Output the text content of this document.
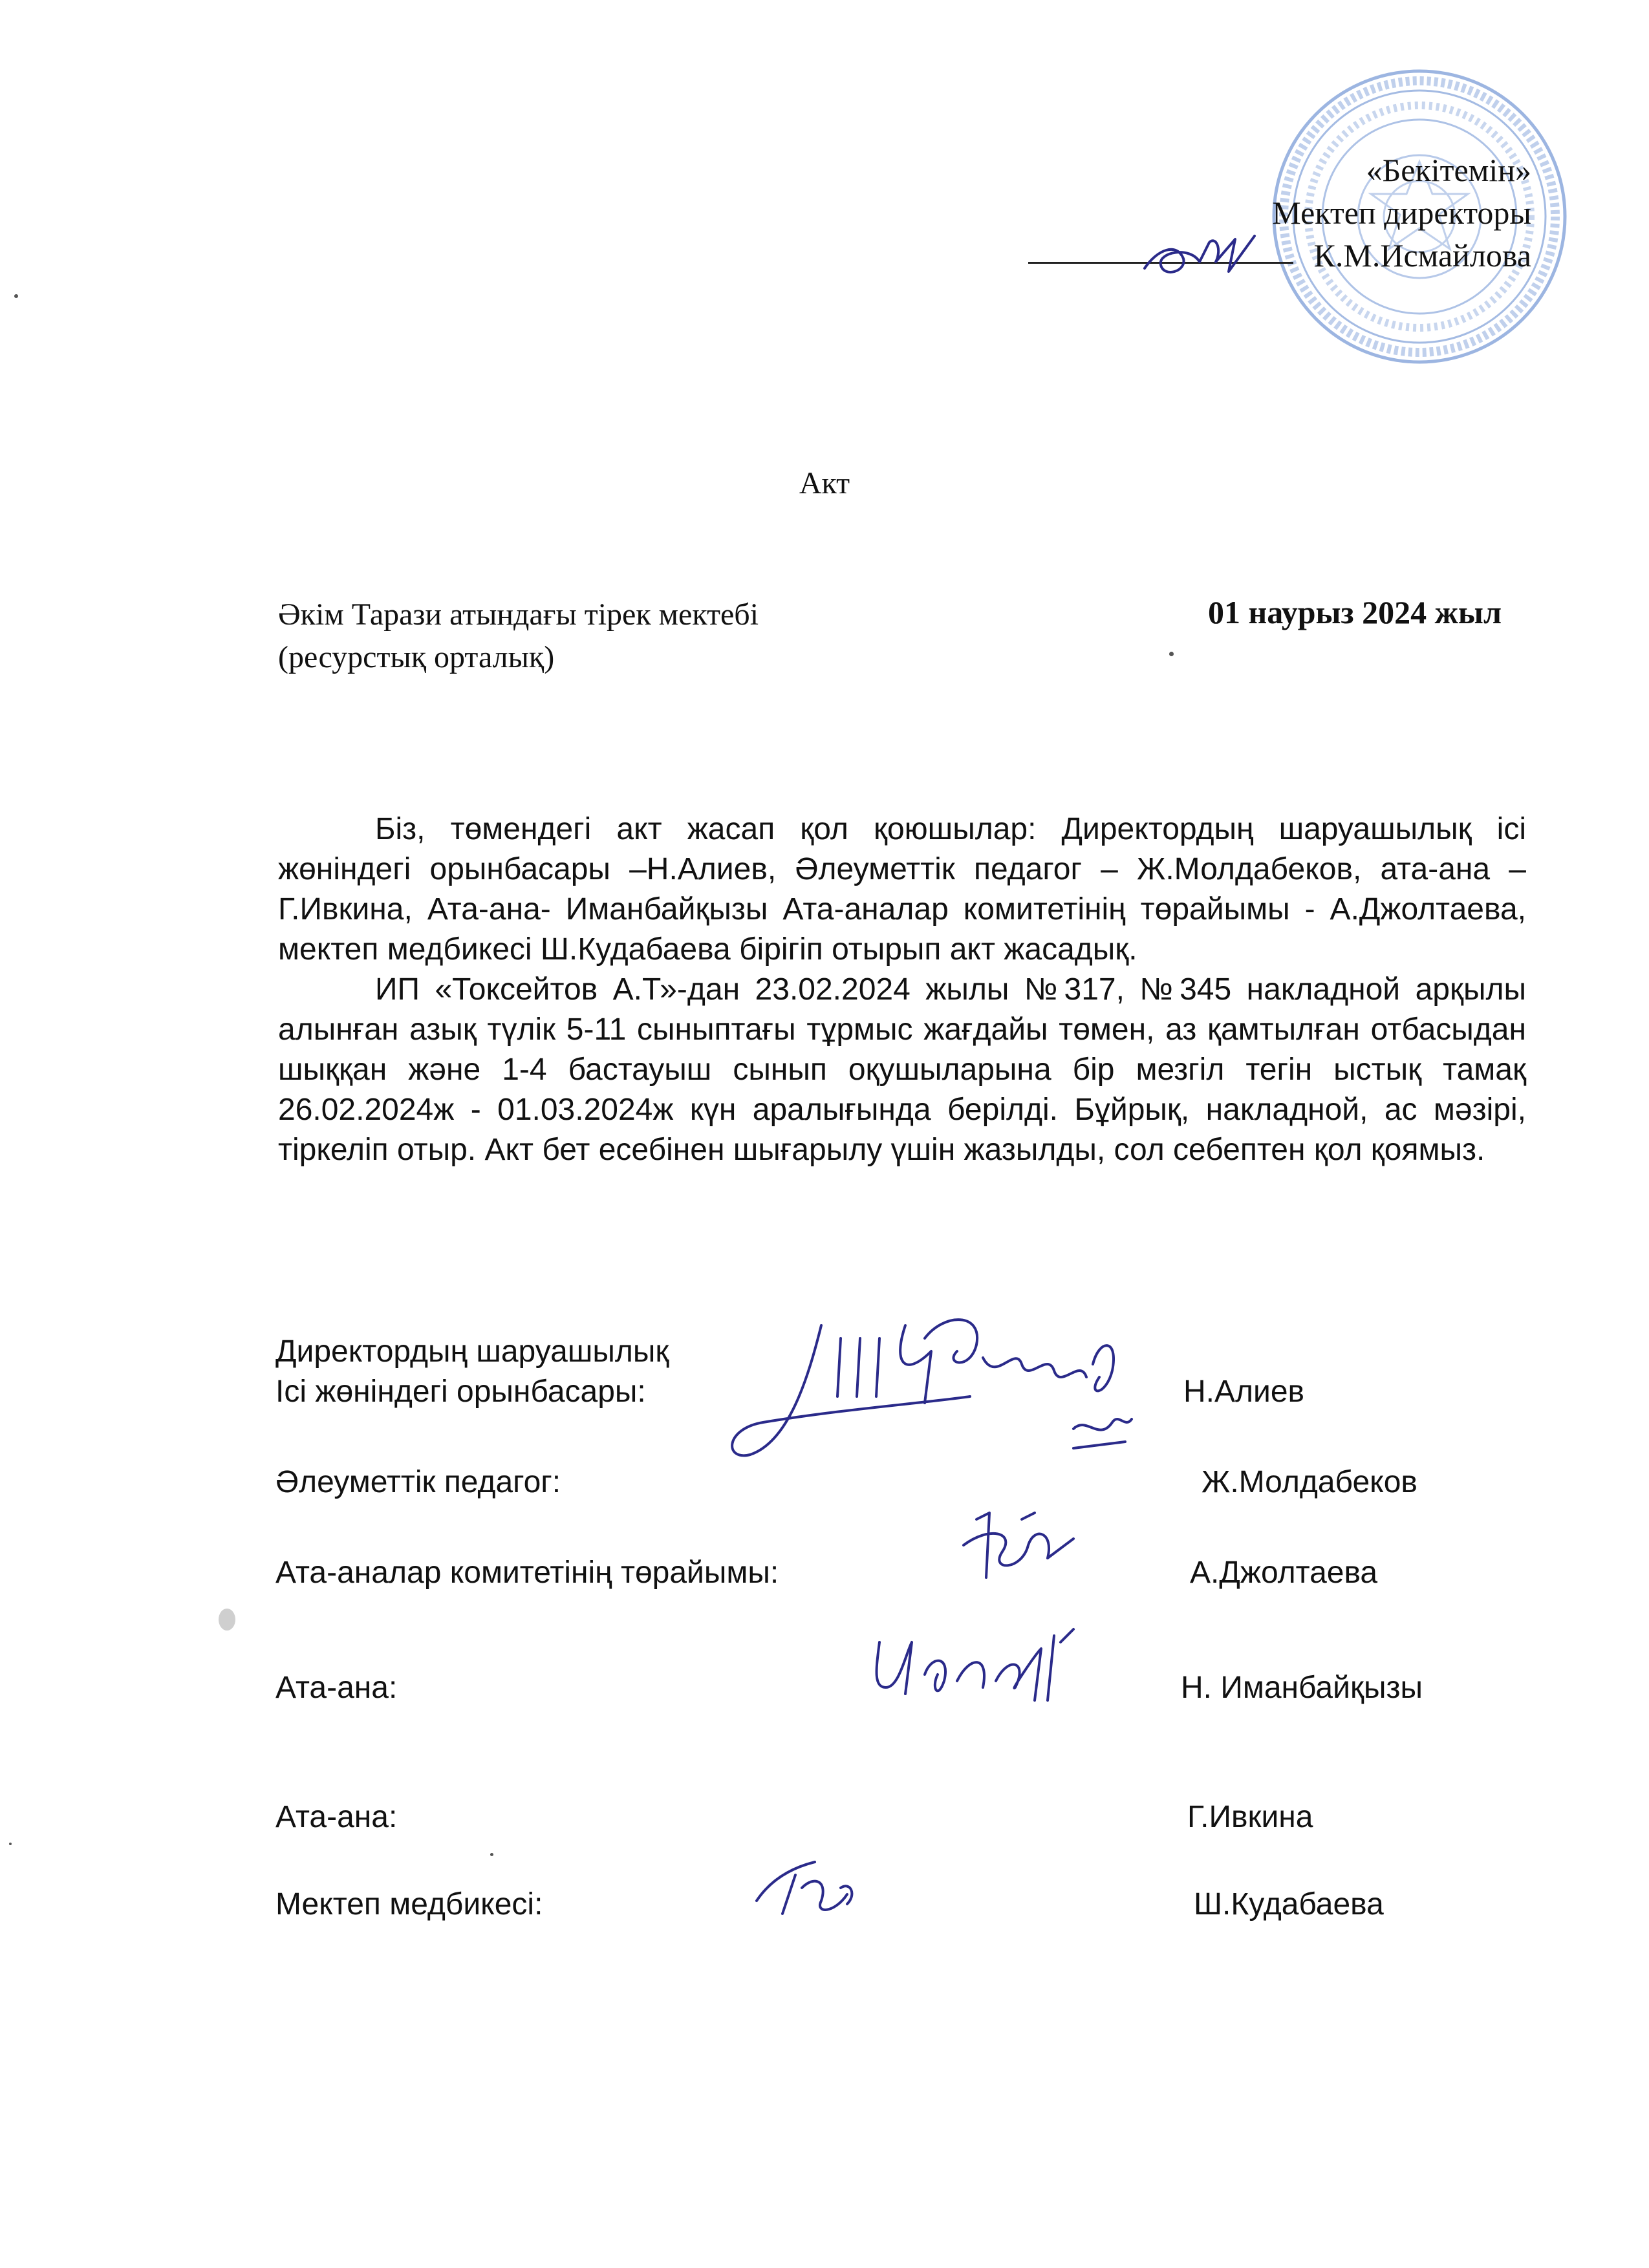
«Бекітемін»
Мектеп директоры
К.М.Исмайлова
Акт
Әкім Тарази атындағы тірек мектебі
(ресурстық орталық)
01 наурыз 2024 жыл

Біз, төмендегі акт жасап қол қоюшылар: Директордың шаруашылық ісі жөніндегі орынбасары –Н.Алиев, Әлеуметтік педагог – Ж.Молдабеков, ата-ана – Г.Ивкина, Ата-ана- Иманбайқызы Ата-аналар комитетінің төрайымы - А.Джолтаева, мектеп медбикесі Ш.Кудабаева бірігіп отырып акт жасадық.

ИП «Токсейтов А.Т»-дан 23.02.2024 жылы №317, №345 накладной арқылы алынған азық түлік 5-11 сыныптағы тұрмыс жағдайы төмен, аз қамтылған отбасыдан шыққан және 1-4 бастауыш сынып оқушыларына бір мезгіл тегін ыстық тамақ 26.02.2024ж - 01.03.2024ж күн аралығында берілді. Бұйрық, накладной, ас мәзірі, тіркеліп отыр. Акт бет есебінен шығарылу үшін жазылды, сол себептен қол қоямыз.

Директордың шаруашылық
Ісі жөніндегі орынбасары:	Н.Алиев
Әлеуметтік педагог:	Ж.Молдабеков
Ата-аналар комитетінің төрайымы:	А.Джолтаева
Ата-ана:	Н. Иманбайқызы
Ата-ана:	Г.Ивкина
Мектеп медбикесі:	Ш.Кудабаева
